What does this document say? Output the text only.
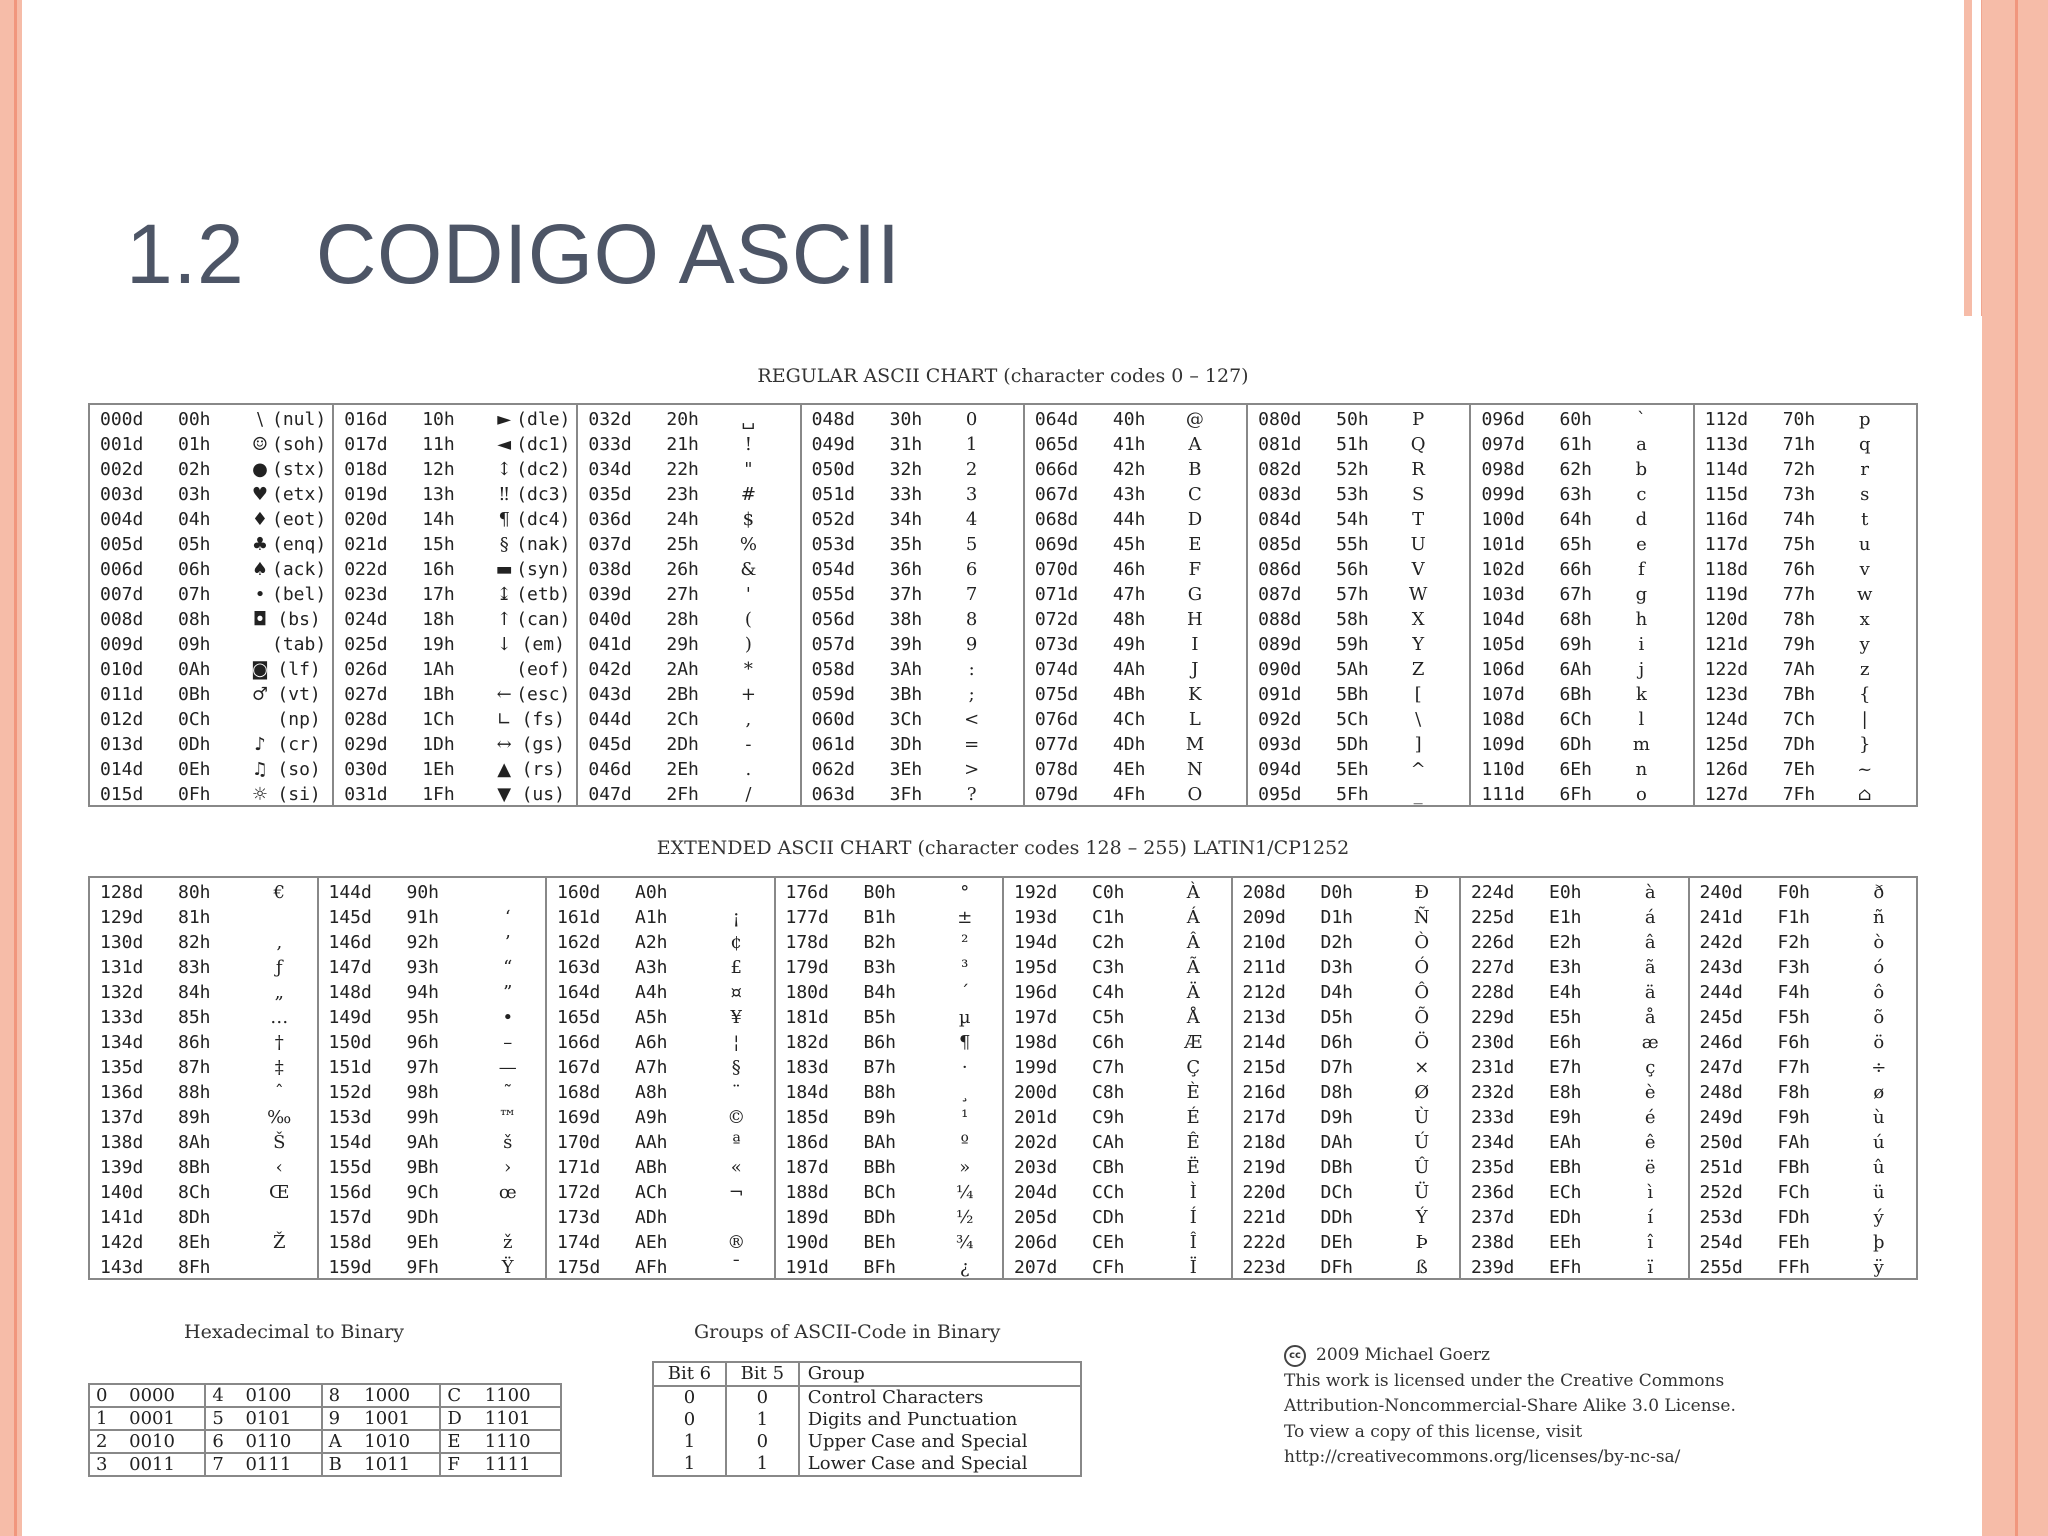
1.2   CODIGO ASCII
REGULAR ASCII CHART (character codes 0 – 127)
000d	00h	\ (nul)
001d	01h	☺ (soh)
002d	02h	● (stx)
003d	03h	♥ (etx)
004d	04h	♦ (eot)
005d	05h	♣ (enq)
006d	06h	♠ (ack)
007d	07h	• (bel)
008d	08h	◘ (bs)
009d	09h	(tab)
010d	0Ah	◙ (lf)
011d	0Bh	♂ (vt)
012d	0Ch	(np)
013d	0Dh	♪ (cr)
014d	0Eh	♫ (so)
015d	0Fh	☼ (si)
016d	10h	► (dle)
017d	11h	◄ (dc1)
018d	12h	↕ (dc2)
019d	13h	‼ (dc3)
020d	14h	¶ (dc4)
021d	15h	§ (nak)
022d	16h	▬ (syn)
023d	17h	↨ (etb)
024d	18h	↑ (can)
025d	19h	↓ (em)
026d	1Ah	(eof)
027d	1Bh	← (esc)
028d	1Ch	∟ (fs)
029d	1Dh	↔ (gs)
030d	1Eh	▲ (rs)
031d	1Fh	▼ (us)
032d	20h	␣
033d	21h	!
034d	22h	"
035d	23h	#
036d	24h	$
037d	25h	%
038d	26h	&
039d	27h	'
040d	28h	(
041d	29h	)
042d	2Ah	*
043d	2Bh	+
044d	2Ch	,
045d	2Dh	-
046d	2Eh	.
047d	2Fh	/
048d	30h	0
049d	31h	1
050d	32h	2
051d	33h	3
052d	34h	4
053d	35h	5
054d	36h	6
055d	37h	7
056d	38h	8
057d	39h	9
058d	3Ah	:
059d	3Bh	;
060d	3Ch	<
061d	3Dh	=
062d	3Eh	>
063d	3Fh	?
064d	40h	@
065d	41h	A
066d	42h	B
067d	43h	C
068d	44h	D
069d	45h	E
070d	46h	F
071d	47h	G
072d	48h	H
073d	49h	I
074d	4Ah	J
075d	4Bh	K
076d	4Ch	L
077d	4Dh	M
078d	4Eh	N
079d	4Fh	O
080d	50h	P
081d	51h	Q
082d	52h	R
083d	53h	S
084d	54h	T
085d	55h	U
086d	56h	V
087d	57h	W
088d	58h	X
089d	59h	Y
090d	5Ah	Z
091d	5Bh	[
092d	5Ch	\
093d	5Dh	]
094d	5Eh	^
095d	5Fh	_
096d	60h	`
097d	61h	a
098d	62h	b
099d	63h	c
100d	64h	d
101d	65h	e
102d	66h	f
103d	67h	g
104d	68h	h
105d	69h	i
106d	6Ah	j
107d	6Bh	k
108d	6Ch	l
109d	6Dh	m
110d	6Eh	n
111d	6Fh	o
112d	70h	p
113d	71h	q
114d	72h	r
115d	73h	s
116d	74h	t
117d	75h	u
118d	76h	v
119d	77h	w
120d	78h	x
121d	79h	y
122d	7Ah	z
123d	7Bh	{
124d	7Ch	|
125d	7Dh	}
126d	7Eh	~
127d	7Fh	⌂
EXTENDED ASCII CHART (character codes 128 – 255) LATIN1/CP1252
128d	80h	€
129d	81h
130d	82h	‚
131d	83h	ƒ
132d	84h	„
133d	85h	…
134d	86h	†
135d	87h	‡
136d	88h	ˆ
137d	89h	‰
138d	8Ah	Š
139d	8Bh	‹
140d	8Ch	Œ
141d	8Dh
142d	8Eh	Ž
143d	8Fh
144d	90h
145d	91h	‘
146d	92h	’
147d	93h	“
148d	94h	”
149d	95h	•
150d	96h	–
151d	97h	—
152d	98h	˜
153d	99h	™
154d	9Ah	š
155d	9Bh	›
156d	9Ch	œ
157d	9Dh
158d	9Eh	ž
159d	9Fh	Ÿ
160d	A0h
161d	A1h	¡
162d	A2h	¢
163d	A3h	£
164d	A4h	¤
165d	A5h	¥
166d	A6h	¦
167d	A7h	§
168d	A8h	¨
169d	A9h	©
170d	AAh	ª
171d	ABh	«
172d	ACh	¬
173d	ADh
174d	AEh	®
175d	AFh	¯
176d	B0h	°
177d	B1h	±
178d	B2h	²
179d	B3h	³
180d	B4h	´
181d	B5h	µ
182d	B6h	¶
183d	B7h	·
184d	B8h	¸
185d	B9h	¹
186d	BAh	º
187d	BBh	»
188d	BCh	¼
189d	BDh	½
190d	BEh	¾
191d	BFh	¿
192d	C0h	À
193d	C1h	Á
194d	C2h	Â
195d	C3h	Ã
196d	C4h	Ä
197d	C5h	Å
198d	C6h	Æ
199d	C7h	Ç
200d	C8h	È
201d	C9h	É
202d	CAh	Ê
203d	CBh	Ë
204d	CCh	Ì
205d	CDh	Í
206d	CEh	Î
207d	CFh	Ï
208d	D0h	Ð
209d	D1h	Ñ
210d	D2h	Ò
211d	D3h	Ó
212d	D4h	Ô
213d	D5h	Õ
214d	D6h	Ö
215d	D7h	×
216d	D8h	Ø
217d	D9h	Ù
218d	DAh	Ú
219d	DBh	Û
220d	DCh	Ü
221d	DDh	Ý
222d	DEh	Þ
223d	DFh	ß
224d	E0h	à
225d	E1h	á
226d	E2h	â
227d	E3h	ã
228d	E4h	ä
229d	E5h	å
230d	E6h	æ
231d	E7h	ç
232d	E8h	è
233d	E9h	é
234d	EAh	ê
235d	EBh	ë
236d	ECh	ì
237d	EDh	í
238d	EEh	î
239d	EFh	ï
240d	F0h	ð
241d	F1h	ñ
242d	F2h	ò
243d	F3h	ó
244d	F4h	ô
245d	F5h	õ
246d	F6h	ö
247d	F7h	÷
248d	F8h	ø
249d	F9h	ù
250d	FAh	ú
251d	FBh	û
252d	FCh	ü
253d	FDh	ý
254d	FEh	þ
255d	FFh	ÿ
Hexadecimal to Binary
0	0000	4	0100	8	1000	C	1100
1	0001	5	0101	9	1001	D	1101
2	0010	6	0110	A	1010	E	1110
3	0011	7	0111	B	1011	F	1111
Groups of ASCII-Code in Binary
Bit 6	Bit 5	Group
0	0	Control Characters
0	1	Digits and Punctuation
1	0	Upper Case and Special
1	1	Lower Case and Special
cc 2009 Michael Goerz
This work is licensed under the Creative Commons
Attribution-Noncommercial-Share Alike 3.0 License.
To view a copy of this license, visit
http://creativecommons.org/licenses/by-nc-sa/
